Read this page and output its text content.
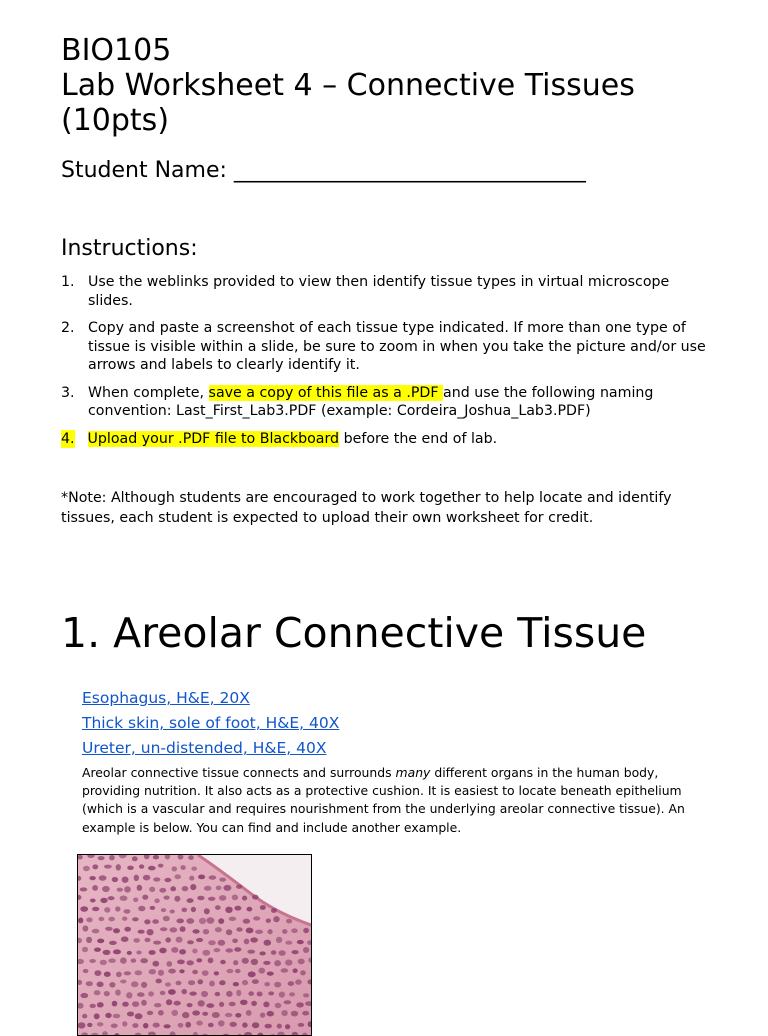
BIO105

Lab Worksheet 4 – Connective Tissues

(10pts)

Student Name: ________________________________
Instructions:
1. Use the weblinks provided to view then identify tissue types in virtual microscope slides.
2. Copy and paste a screenshot of each tissue type indicated. If more than one type of tissue is visible within a slide, be sure to zoom in when you take the picture and/or use arrows and labels to clearly identify it.
3. When complete, save a copy of this file as a .PDF and use the following naming convention: Last_First_Lab3.PDF (example: Cordeira_Joshua_Lab3.PDF)
4. Upload your .PDF file to Blackboard before the end of lab.

*Note: Although students are encouraged to work together to help locate and identify tissues, each student is expected to upload their own worksheet for credit.

1. Areolar Connective Tissue
Esophagus, H&E, 20X
Thick skin, sole of foot, H&E, 40X
Ureter, un-distended, H&E, 40X

Areolar connective tissue connects and surrounds many different organs in the human body, providing nutrition. It also acts as a protective cushion. It is easiest to locate beneath epithelium (which is a vascular and requires nourishment from the underlying areolar connective tissue). An example is below. You can find and include another example.
